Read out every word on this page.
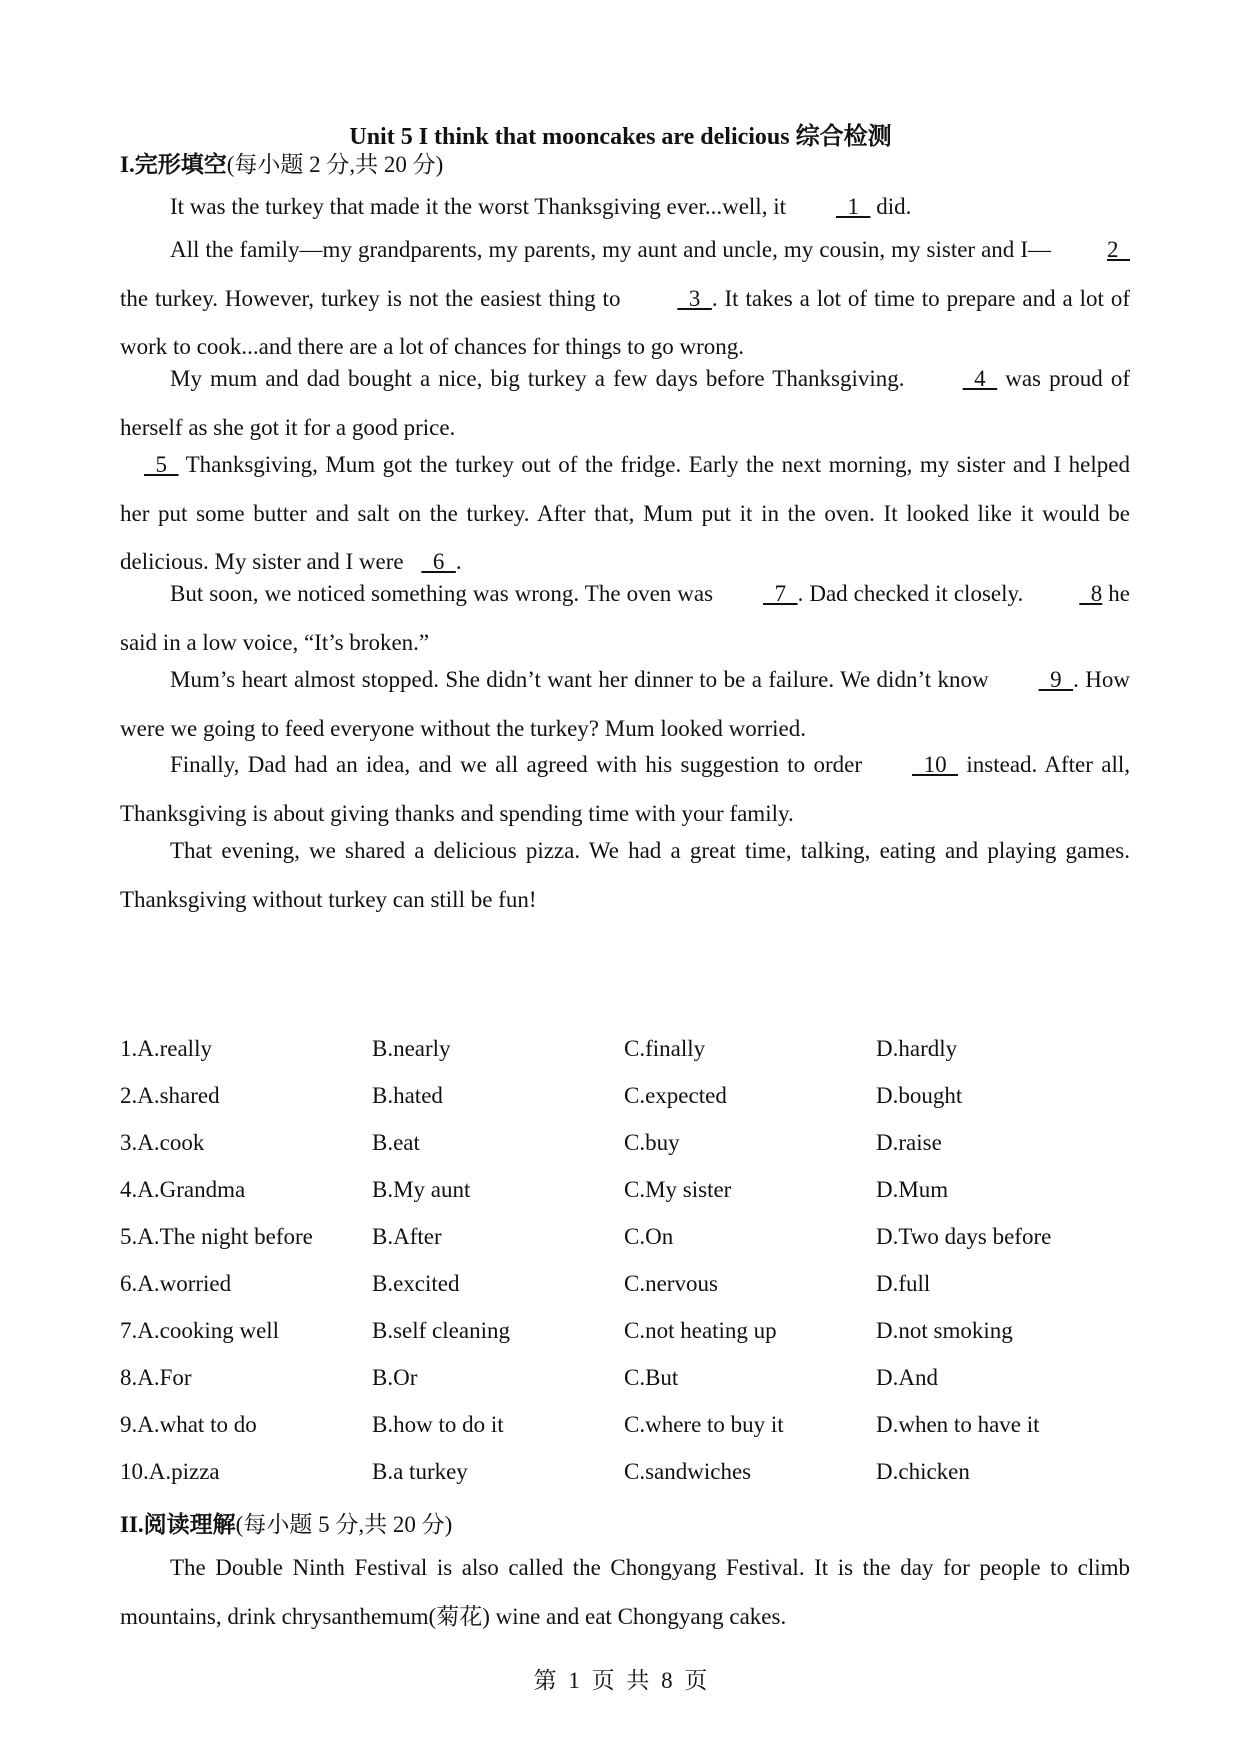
Unit 5 I think that mooncakes are delicious 综合检测
I.完形填空(每小题 2 分,共 20 分)
It was the turkey that made it the worst Thanksgiving ever...well, it  1   did.
All the family—my grandparents, my parents, my aunt and uncle, my cousin, my sister and I— 2   the turkey. However, turkey is not the easiest thing to   3  . It takes a lot of time to prepare and a lot of work to cook...and there are a lot of chances for things to go wrong.
My mum and dad bought a nice, big turkey a few days before Thanksgiving.   4   was proud of herself as she got it for a good price.
5   Thanksgiving, Mum got the turkey out of the fridge. Early the next morning, my sister and I helped her put some butter and salt on the turkey. After that, Mum put it in the oven. It looked like it would be delicious. My sister and I were   6  .
But soon, we noticed something was wrong. The oven was  7  . Dad checked it closely.   8 he said in a low voice, “It’s broken.”
Mum’s heart almost stopped. She didn’t want her dinner to be a failure. We didn’t know  9  . How were we going to feed everyone without the turkey? Mum looked worried.
Finally, Dad had an idea, and we all agreed with his suggestion to order  10   instead. After all, Thanksgiving is about giving thanks and spending time with your family.
That evening, we shared a delicious pizza. We had a great time, talking, eating and playing games. Thanksgiving without turkey can still be fun!
1.A.really	B.nearly	C.finally	D.hardly
2.A.shared	B.hated	C.expected	D.bought
3.A.cook	B.eat	C.buy	D.raise
4.A.Grandma	B.My aunt	C.My sister	D.Mum
5.A.The night before	B.After	C.On	D.Two days before
6.A.worried	B.excited	C.nervous	D.full
7.A.cooking well	B.self cleaning	C.not heating up	D.not smoking
8.A.For	B.Or	C.But	D.And
9.A.what to do	B.how to do it	C.where to buy it	D.when to have it
10.A.pizza	B.a turkey	C.sandwiches	D.chicken
II.阅读理解(每小题 5 分,共 20 分)
The Double Ninth Festival is also called the Chongyang Festival. It is the day for people to climb mountains, drink chrysanthemum(菊花) wine and eat Chongyang cakes.
第 1 页 共 8 页
